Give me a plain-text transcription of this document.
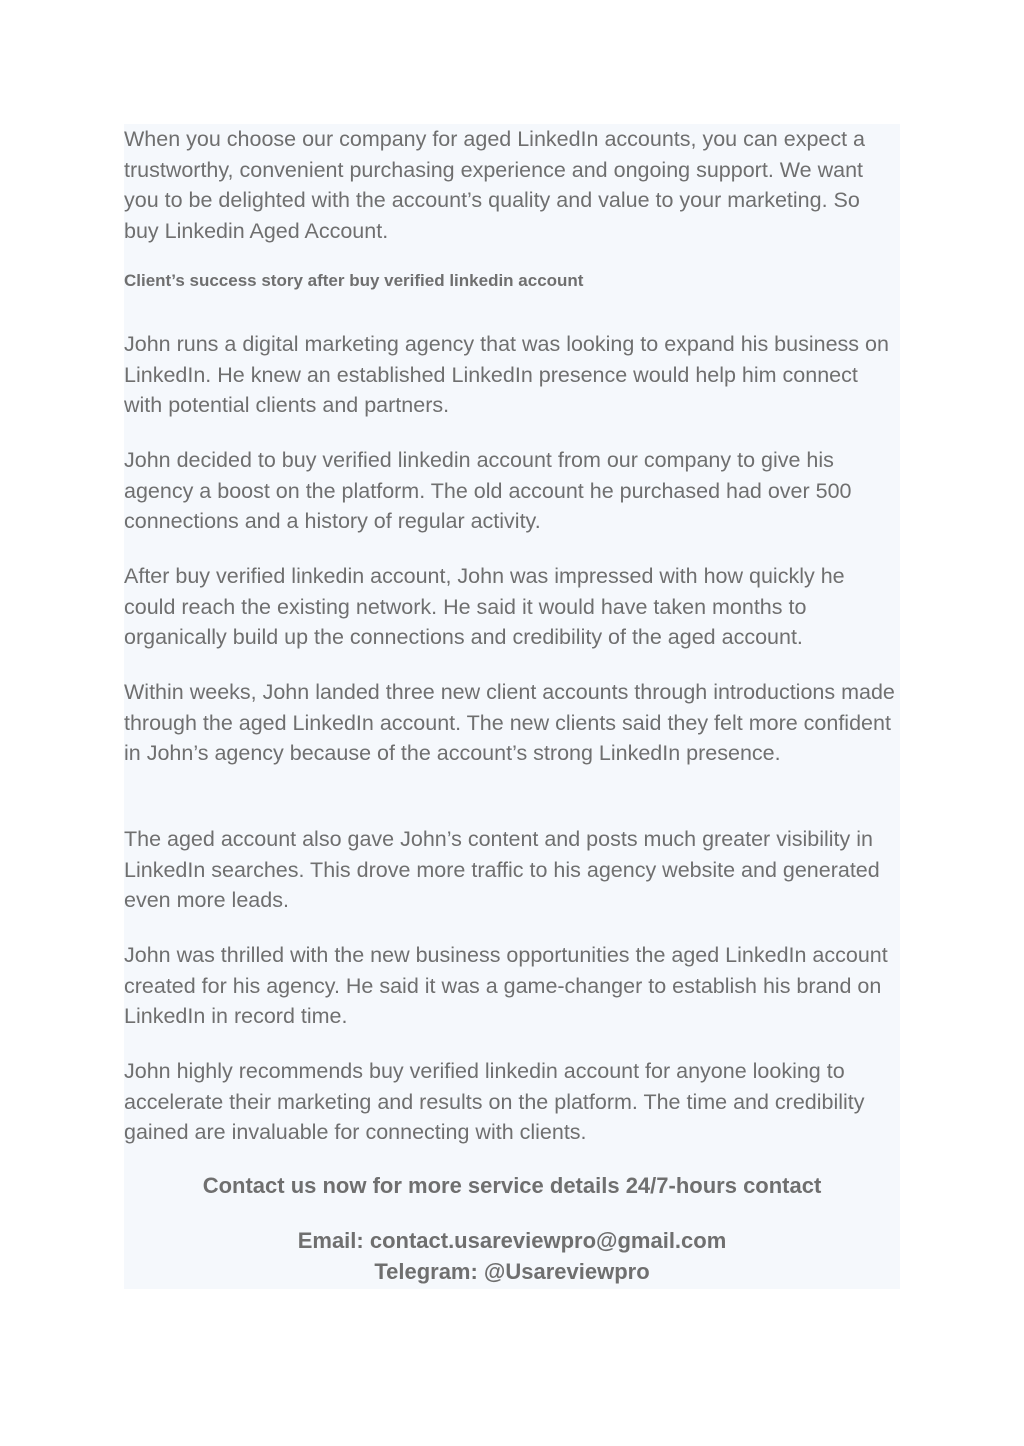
When you choose our company for aged LinkedIn accounts, you can expect a trustworthy, convenient purchasing experience and ongoing support. We want you to be delighted with the account’s quality and value to your marketing. So buy Linkedin Aged Account.

Client’s success story after buy verified linkedin account

John runs a digital marketing agency that was looking to expand his business on LinkedIn. He knew an established LinkedIn presence would help him connect with potential clients and partners.

John decided to buy verified linkedin account from our company to give his agency a boost on the platform. The old account he purchased had over 500 connections and a history of regular activity.

After buy verified linkedin account, John was impressed with how quickly he could reach the existing network. He said it would have taken months to organically build up the connections and credibility of the aged account.

Within weeks, John landed three new client accounts through introductions made through the aged LinkedIn account. The new clients said they felt more confident in John’s agency because of the account’s strong LinkedIn presence.

The aged account also gave John’s content and posts much greater visibility in LinkedIn searches. This drove more traffic to his agency website and generated even more leads.

John was thrilled with the new business opportunities the aged LinkedIn account created for his agency. He said it was a game-changer to establish his brand on LinkedIn in record time.

John highly recommends buy verified linkedin account for anyone looking to accelerate their marketing and results on the platform. The time and credibility gained are invaluable for connecting with clients.

Contact us now for more service details 24/7-hours contact

Email: contact.usareviewpro@gmail.com

Telegram: @Usareviewpro
